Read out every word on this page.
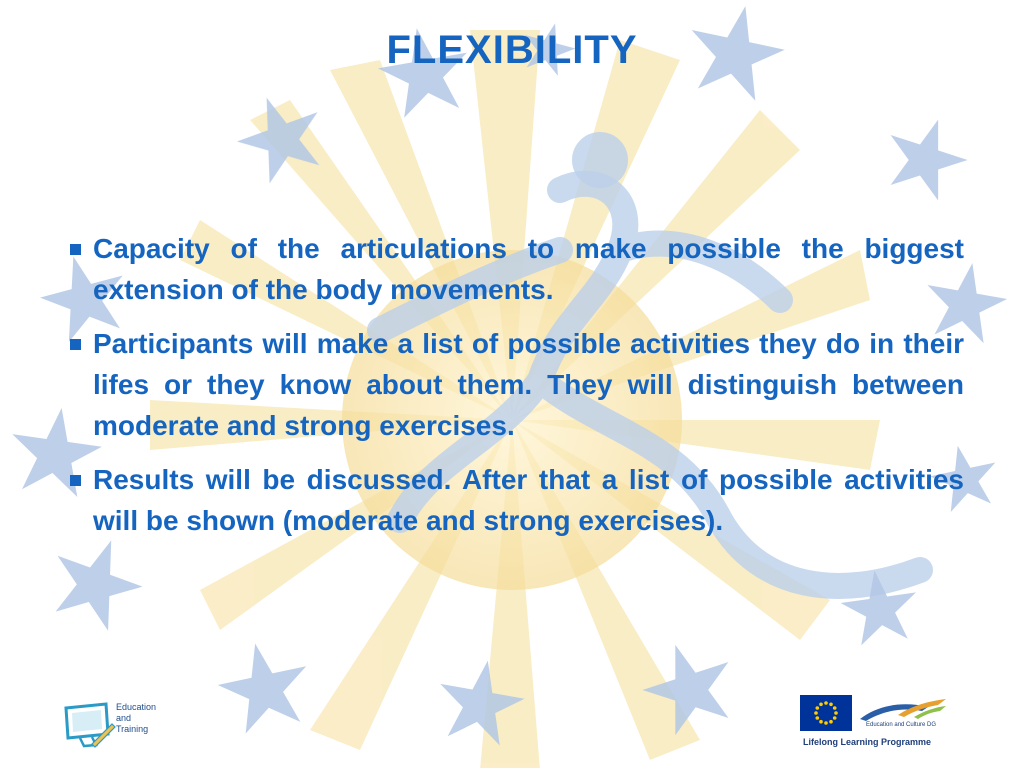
FLEXIBILITY
Capacity of the articulations to make possible the biggest extension of the body movements.
Participants will make a list of possible activities they do in their lifes or they know about them. They will distinguish between moderate and strong exercises.
Results will be discussed. After that a list of possible activities will be shown (moderate and strong exercises).
Education
and
Training	Education and Culture DG
Lifelong Learning Programme
